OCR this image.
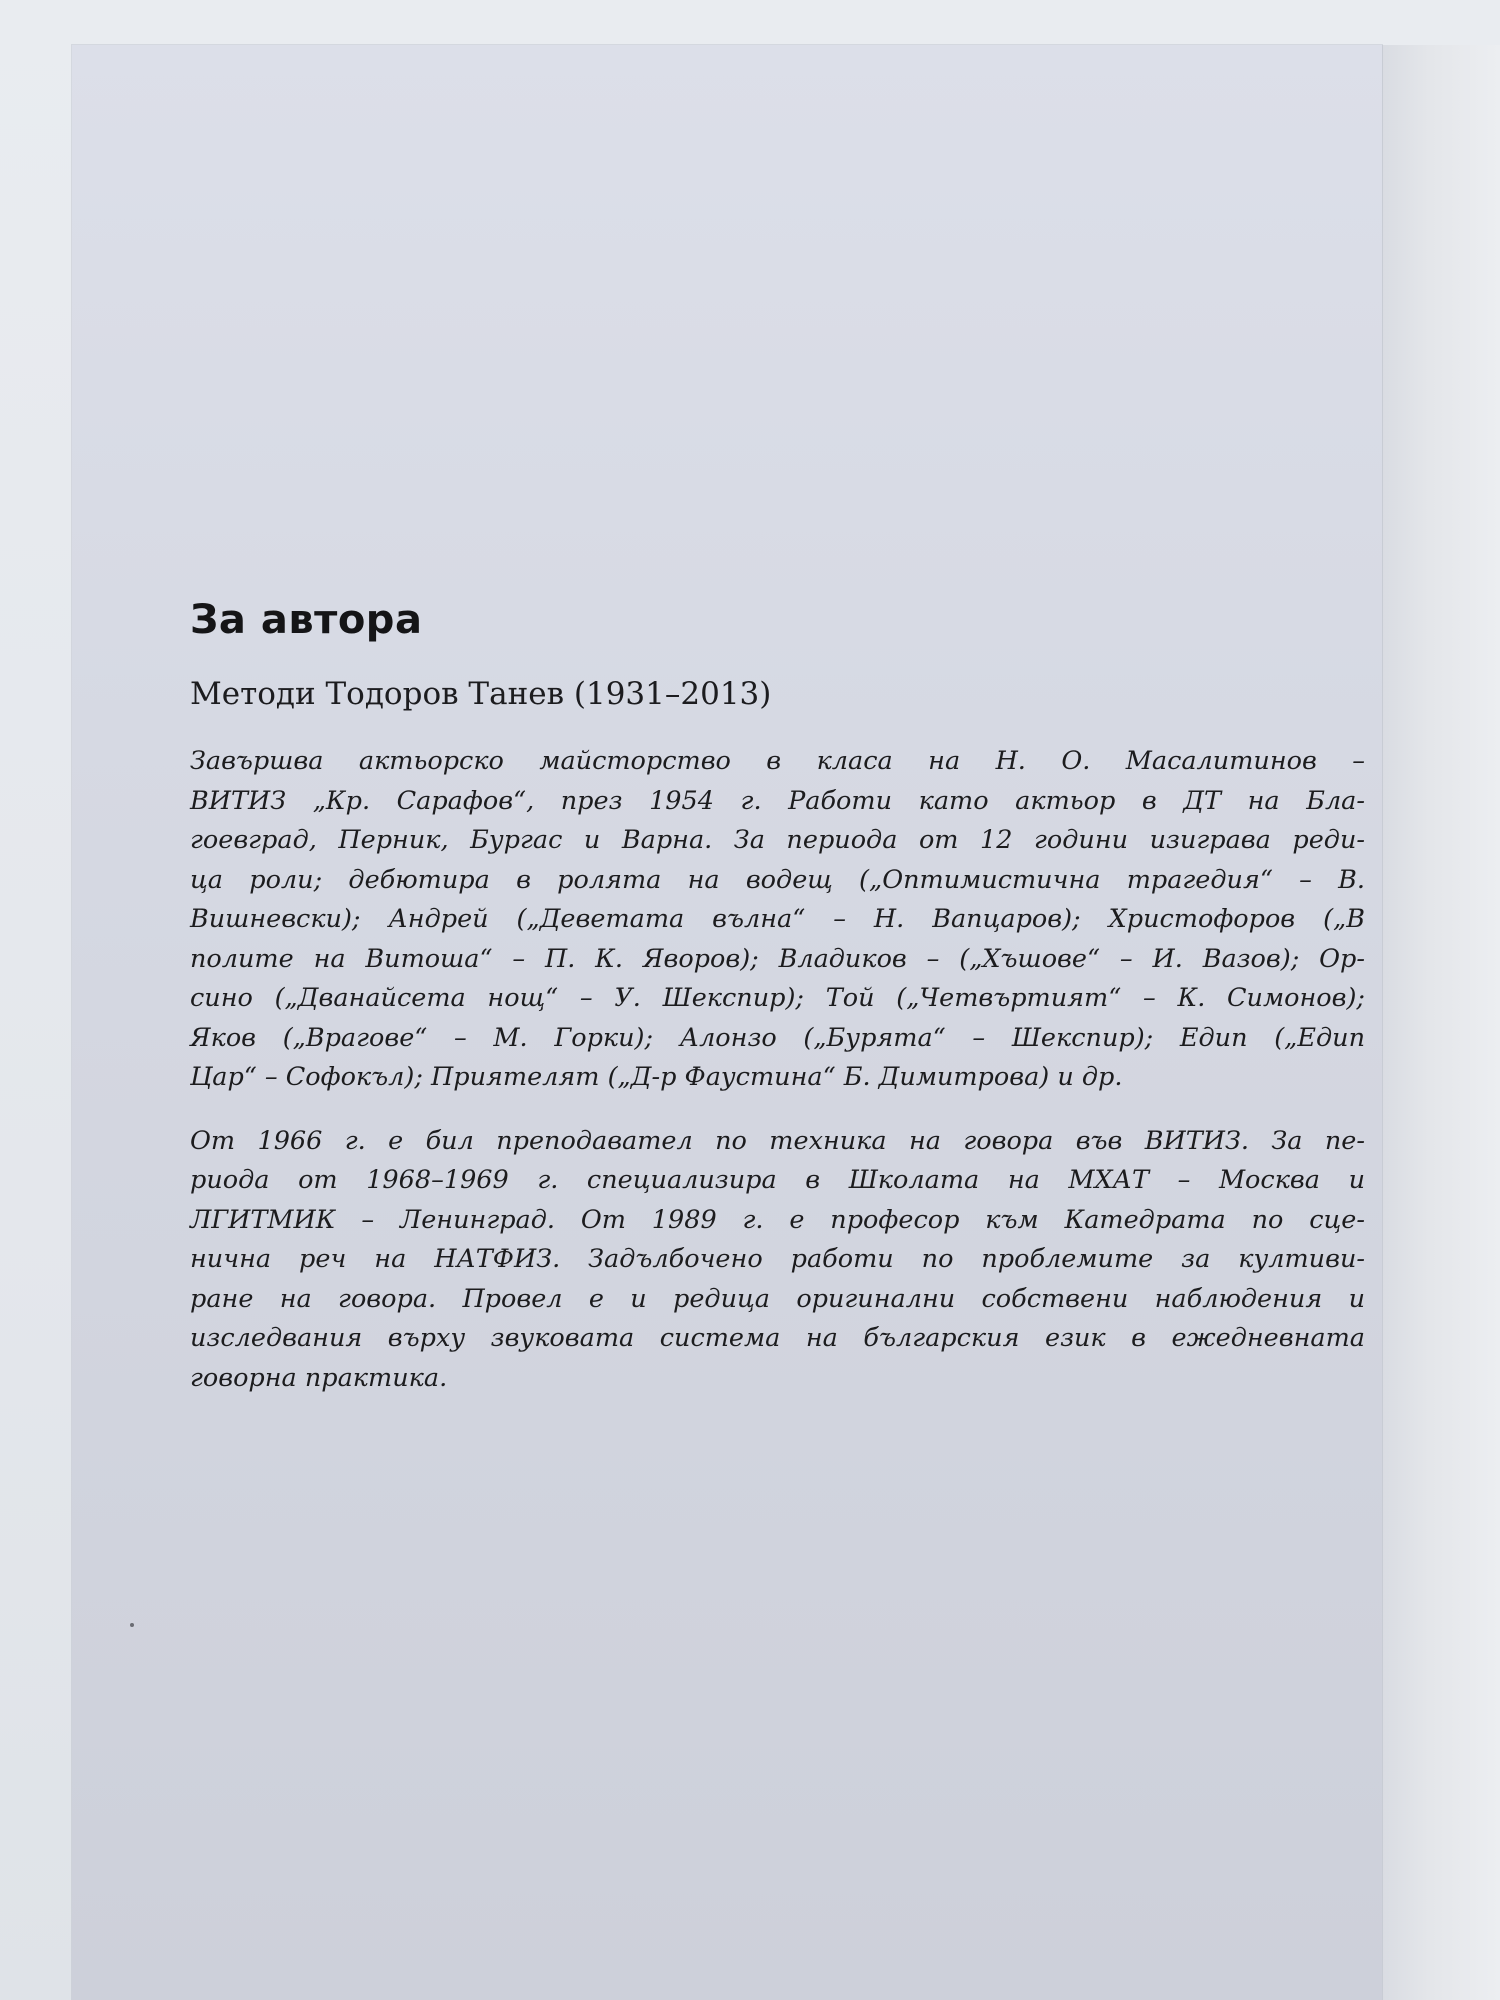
За автора
Методи Тодоров Танев (1931–2013)
Завършва актьорско майсторство в класа на Н. О. Масалитинов –
ВИТИЗ „Кр. Сарафов“, през 1954 г. Работи като актьор в ДТ на Бла-
гоевград, Перник, Бургас и Варна. За периода от 12 години изиграва реди-
ца роли; дебютира в ролята на водещ („Оптимистична трагедия“ – В.
Вишневски); Андрей („Деветата вълна“ – Н. Вапцаров); Христофоров („В
полите на Витоша“ – П. К. Яворов); Владиков – („Хъшове“ – И. Вазов); Ор-
сино („Дванайсета нощ“ – У. Шекспир); Той („Четвъртият“ – К. Симонов);
Яков („Врагове“ – М. Горки); Алонзо („Бурята“ – Шекспир); Едип („Едип
Цар“ – Софокъл); Приятелят („Д-р Фаустина“ Б. Димитрова) и др.
От 1966 г. е бил преподавател по техника на говора във ВИТИЗ. За пе-
риода от 1968–1969 г. специализира в Школата на МХАТ – Москва и
ЛГИТМИК – Ленинград. От 1989 г. е професор към Катедрата по сце-
нична реч на НАТФИЗ. Задълбочено работи по проблемите за култиви-
ране на говора. Провел е и редица оригинални собствени наблюдения и
изследвания върху звуковата система на българския език в ежедневната
говорна практика.
